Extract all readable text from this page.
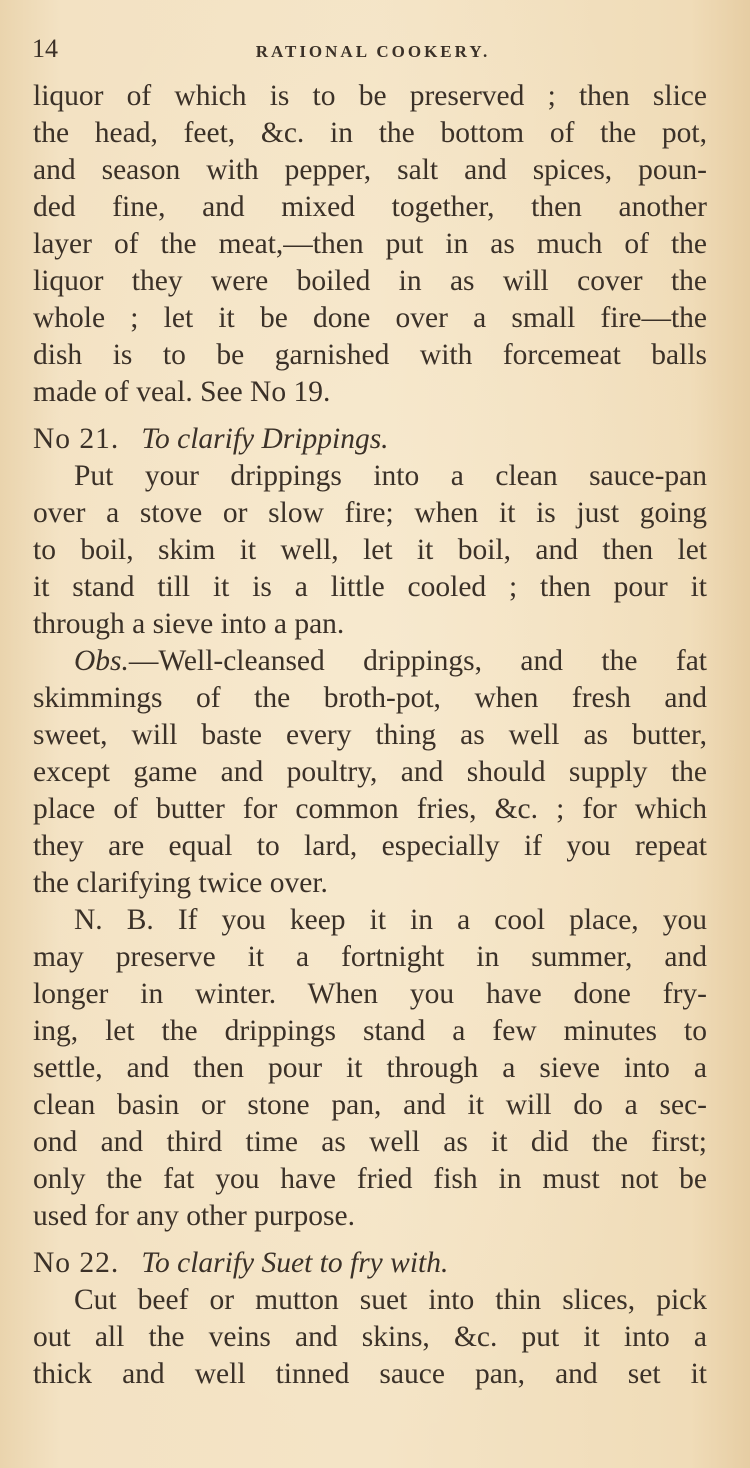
14	RATIONAL COOKERY.
liquor of which is to be preserved ; then slice
the head, feet, &c. in the bottom of the pot,
and season with pepper, salt and spices, poun-
ded fine, and mixed together, then another
layer of the meat,—then put in as much of the
liquor they were boiled in as will cover the
whole ; let it be done over a small fire—the
dish is to be garnished with forcemeat balls
made of veal. See No 19.
No 21. To clarify Drippings.
Put your drippings into a clean sauce-pan
over a stove or slow fire; when it is just going
to boil, skim it well, let it boil, and then let
it stand till it is a little cooled ; then pour it
through a sieve into a pan.
Obs.—Well-cleansed drippings, and the fat
skimmings of the broth-pot, when fresh and
sweet, will baste every thing as well as butter,
except game and poultry, and should supply the
place of butter for common fries, &c. ; for which
they are equal to lard, especially if you repeat
the clarifying twice over.
N. B. If you keep it in a cool place, you
may preserve it a fortnight in summer, and
longer in winter. When you have done fry-
ing, let the drippings stand a few minutes to
settle, and then pour it through a sieve into a
clean basin or stone pan, and it will do a sec-
ond and third time as well as it did the first;
only the fat you have fried fish in must not be
used for any other purpose.
No 22. To clarify Suet to fry with.
Cut beef or mutton suet into thin slices, pick
out all the veins and skins, &c. put it into a
thick and well tinned sauce pan, and set it
